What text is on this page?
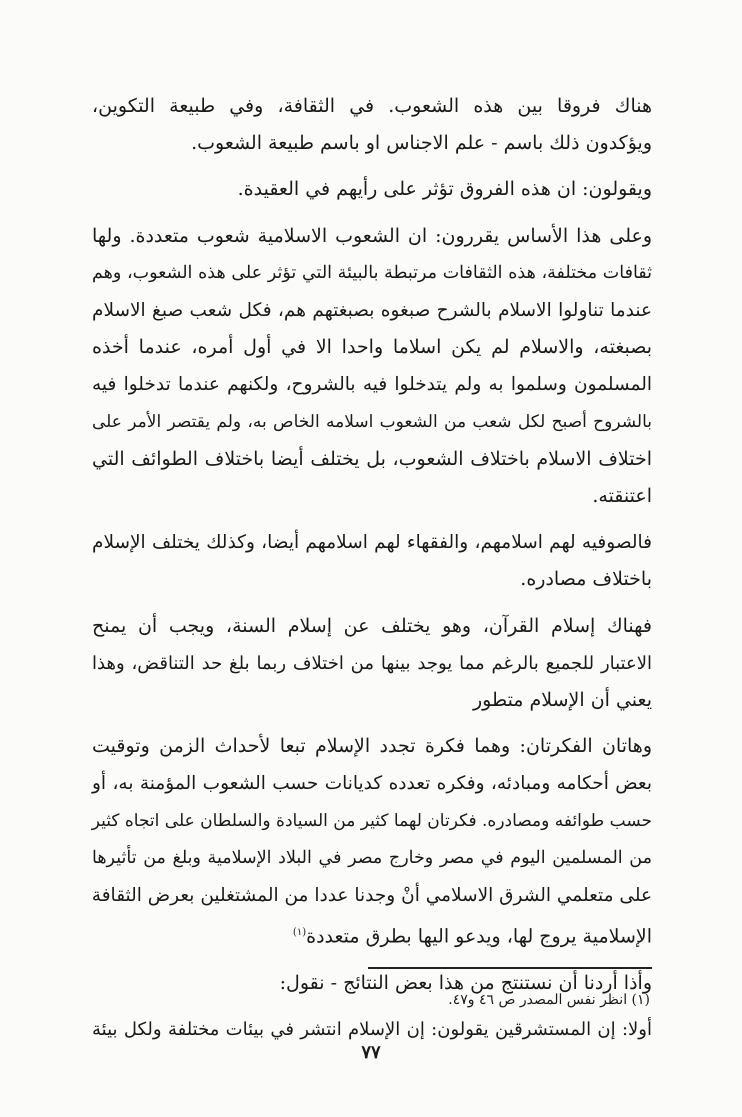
هناك فروقا بين هذه الشعوب. في الثقافة، وفي طبيعة التكوين،
ويؤكدون ذلك باسم - علم الاجناس او باسم طبيعة الشعوب.
ويقولون: ان هذه الفروق تؤثر على رأيهم في العقيدة.
وعلى هذا الأساس يقررون: ان الشعوب الاسلامية شعوب متعددة. ولها
ثقافات مختلفة، هذه الثقافات مرتبطة بالبيئة التي تؤثر على هذه الشعوب، وهم
عندما تناولوا الاسلام بالشرح صبغوه بصبغتهم هم، فكل شعب صبغ الاسلام
بصبغته، والاسلام لم يكن اسلاما واحدا الا في أول أمره، عندما أخذه
المسلمون وسلموا به ولم يتدخلوا فيه بالشروح، ولكنهم عندما تدخلوا فيه
بالشروح أصبح لكل شعب من الشعوب اسلامه الخاص به، ولم يقتصر الأمر على
اختلاف الاسلام باختلاف الشعوب، بل يختلف أيضا باختلاف الطوائف التي
اعتنقته.
فالصوفيه لهم اسلامهم، والفقهاء لهم اسلامهم أيضا، وكذلك يختلف الإسلام
باختلاف مصادره.
فهناك إسلام القرآن، وهو يختلف عن إسلام السنة، ويجب أن يمنح
الاعتبار للجميع بالرغم مما يوجد بينها من اختلاف ربما بلغ حد التناقض، وهذا
يعني أن الإسلام متطور
وهاتان الفكرتان: وهما فكرة تجدد الإسلام تبعا لأحداث الزمن وتوقيت
بعض أحكامه ومبادئه، وفكره تعدده كديانات حسب الشعوب المؤمنة به، أو
حسب طوائفه ومصادره. فكرتان لهما كثير من السيادة والسلطان على اتجاه كثير
من المسلمين اليوم في مصر وخارج مصر في البلاد الإسلامية وبلغ من تأثيرها
على متعلمي الشرق الاسلامي أنْ وجدنا عددا من المشتغلين بعرض الثقافة
الإسلامية يروج لها، ويدعو اليها بطرق متعددة$^{(١)}$
وأذا أردنا أن نستنتج من هذا بعض النتائج - نقول:
أولا: إن المستشرقين يقولون: إن الإسلام انتشر في بيئات مختلفة ولكل بيئة
(١) انظر نفس المصدر ص ٤٦ و٤٧.
٧٧
